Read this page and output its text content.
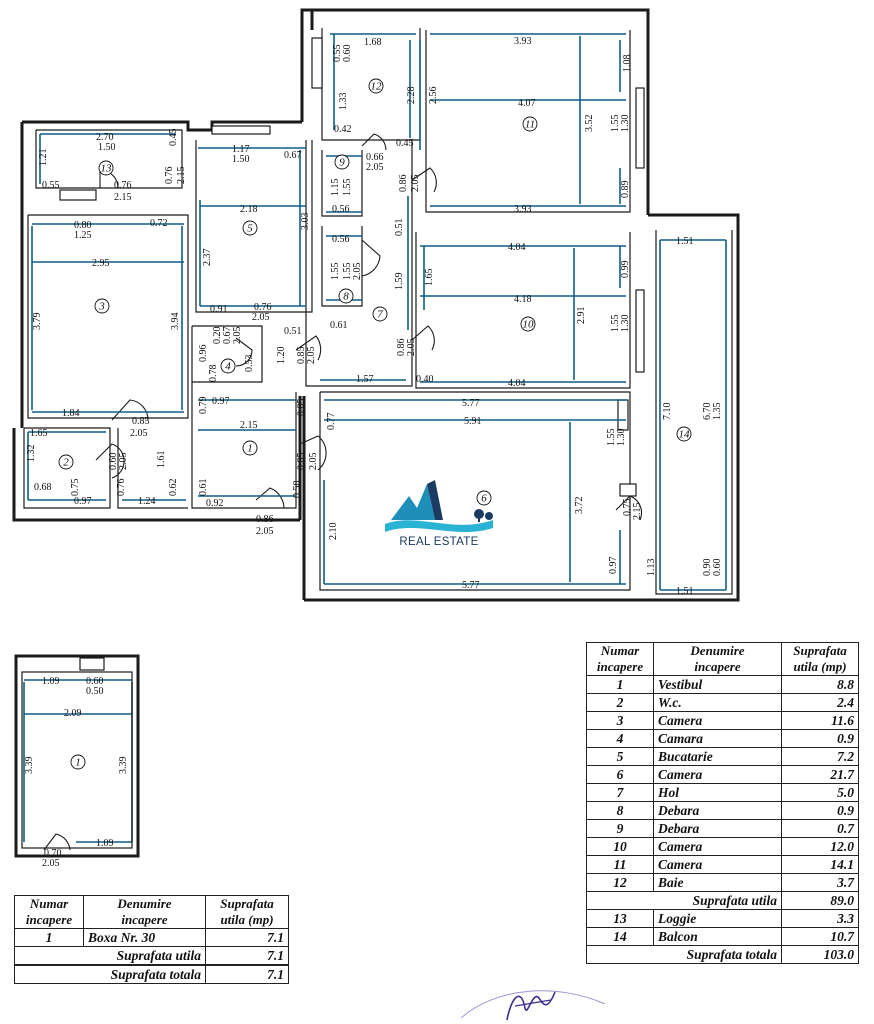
1.68
0.55 0.60
1.33	2.28
0.42
0.45
3.93
4.07
3.93
3.52
2.56
1.08
1.55 1.30
0.89
0.66
2.05
1.15 1.55
0.56
0.86 2.05
2.70
1.50
0.45
1.21
0.55	0.76
2.15
0.76 2.15
1.17
1.50	0.67
2.18
3.03
2.37
0.91	0.76
2.05
0.80
1.25
0.72
2.95
3.79	3.94
1.84
0.56
1.55 1.55 2.05
0.51
1.59
0.61
0.86 2.05
1.57	0.40
4.04
4.18
4.04
2.91
1.65	0.99
1.55 1.30
1.51
7.10	6.70 1.35
0.90 0.60
1.51
0.20 0.67 2.05
0.96
0.78
0.53
0.51
1.20 0.85 2.05
0.79 0.97
2.15
0.85
0.85 2.05
0.61
0.92
0.58
0.86
2.05
1.65
0.85
2.05
1.32	0.60 2.05
0.75	0.76
1.61
0.68
0.97	1.24
0.62
5.77
5.91
5.77
3.72
2.10
0.77
1.55 1.30
0.97
0.75 2.15
1.13
1.09	0.60
0.50
2.09
3.39	3.39
1.09
0.70
2.05
1
2
3
4
5
6
7
8
9
10
11
12
13
14
1
REAL ESTATE
Numar
incapere	Denumire
incapere	Suprafata
utila (mp)
1	Vestibul	8.8
2	W.c.	2.4
3	Camera	11.6
4	Camara	0.9
5	Bucatarie	7.2
6	Camera	21.7
7	Hol	5.0
8	Debara	0.9
9	Debara	0.7
10	Camera	12.0
11	Camera	14.1
12	Baie	3.7
Suprafata utila		89.0
13	Loggie	3.3
14	Balcon	10.7
Suprafata totala		103.0
Numar
incapere	Denumire
incapere	Suprafata
utila (mp)
1	Boxa Nr. 30	7.1
Suprafata utila		7.1

Suprafata totala		7.1
